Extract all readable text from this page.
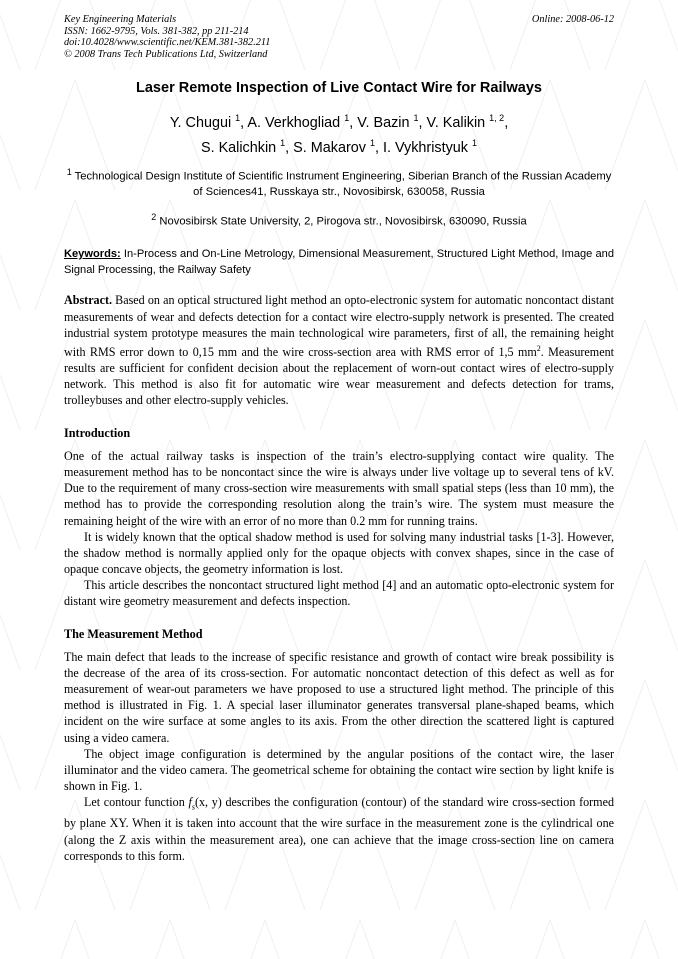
Key Engineering Materials
ISSN: 1662-9795, Vols. 381-382, pp 211-214
doi:10.4028/www.scientific.net/KEM.381-382.211
© 2008 Trans Tech Publications Ltd, Switzerland
Online: 2008-06-12
Laser Remote Inspection of Live Contact Wire for Railways
Y. Chugui $^1$, A. Verkhogliad $^1$, V. Bazin $^1$, V. Kalikin $^{1, 2}$,
S. Kalichkin $^1$, S. Makarov $^1$, I. Vykhristyuk $^1$
$^1$ Technological Design Institute of Scientific Instrument Engineering, Siberian Branch of the Russian Academy of Sciences41, Russkaya str., Novosibirsk, 630058, Russia
$^2$ Novosibirsk State University, 2, Pirogova str., Novosibirsk, 630090, Russia
Keywords: In-Process and On-Line Metrology, Dimensional Measurement, Structured Light Method, Image and Signal Processing, the Railway Safety
Abstract. Based on an optical structured light method an opto-electronic system for automatic noncontact distant measurements of wear and defects detection for a contact wire electro-supply network is presented. The created industrial system prototype measures the main technological wire parameters, first of all, the remaining height with RMS error down to 0,15 mm and the wire cross-section area with RMS error of 1,5 $mm^2$. Measurement results are sufficient for confident decision about the replacement of worn-out contact wires of electro-supply network. This method is also fit for automatic wire wear measurement and defects detection for trams, trolleybuses and other electro-supply vehicles.
Introduction

One of the actual railway tasks is inspection of the train’s electro-supplying contact wire quality. The measurement method has to be noncontact since the wire is always under live voltage up to several tens of kV. Due to the requirement of many cross-section wire measurements with small spatial steps (less than 10 mm), the method has to provide the corresponding resolution along the train’s wire. The system must measure the remaining height of the wire with an error of no more than 0.2 mm for running trains.

It is widely known that the optical shadow method is used for solving many industrial tasks [1-3]. However, the shadow method is normally applied only for the opaque objects with convex shapes, since in the case of opaque concave objects, the geometry information is lost.

This article describes the noncontact structured light method [4] and an automatic opto-electronic system for distant wire geometry measurement and defects inspection.

The Measurement Method

The main defect that leads to the increase of specific resistance and growth of contact wire break possibility is the decrease of the area of its cross-section. For automatic noncontact detection of this defect as well as for measurement of wear-out parameters we have proposed to use a structured light method. The principle of this method is illustrated in Fig. 1. A special laser illuminator generates transversal plane-shaped beams, which incident on the wire surface at some angles to its axis. From the other direction the scattered light is captured using a video camera.

The object image configuration is determined by the angular positions of the contact wire, the laser illuminator and the video camera. The geometrical scheme for obtaining the contact wire section by light knife is shown in Fig. 1.

Let contour function $f_s(x$, y) describes the configuration (contour) of the standard wire cross-section formed by plane XY. When it is taken into account that the wire surface in the measurement zone is the cylindrical one (along the Z axis within the measurement area), one can achieve that the image cross-section line on camera corresponds to this form.
